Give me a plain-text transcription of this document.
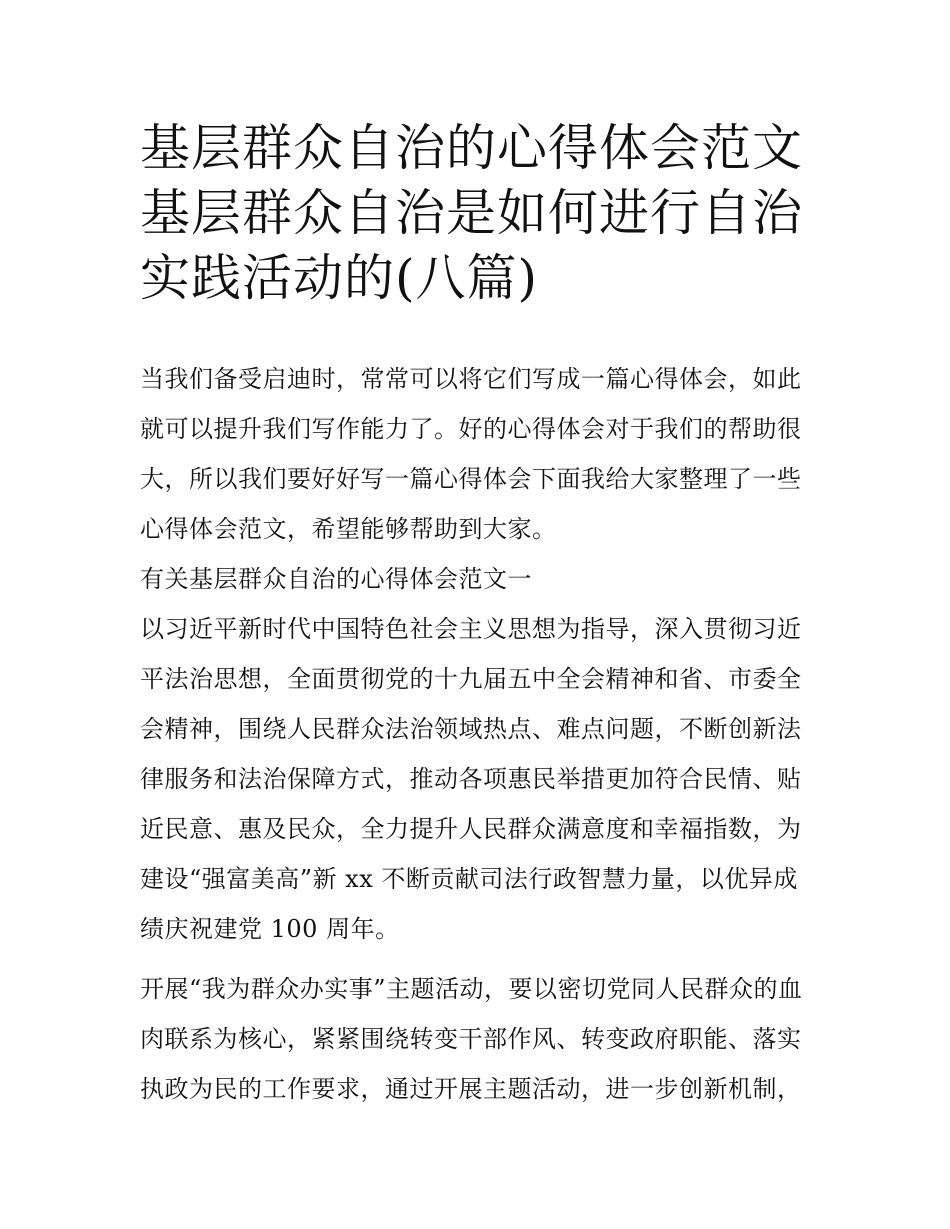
基层群众自治的心得体会范文
基层群众自治是如何进行自治
实践活动的(八篇)

当我们备受启迪时，常常可以将它们写成一篇心得体会，如此
就可以提升我们写作能力了。好的心得体会对于我们的帮助很
大，所以我们要好好写一篇心得体会下面我给大家整理了一些
心得体会范文，希望能够帮助到大家。

有关基层群众自治的心得体会范文一

以习近平新时代中国特色社会主义思想为指导，深入贯彻习近
平法治思想，全面贯彻党的十九届五中全会精神和省、市委全
会精神，围绕人民群众法治领域热点、难点问题，不断创新法
律服务和法治保障方式，推动各项惠民举措更加符合民情、贴
近民意、惠及民众，全力提升人民群众满意度和幸福指数，为
建设“强富美高”新 xx 不断贡献司法行政智慧力量，以优异成
绩庆祝建党 100 周年。

开展“我为群众办实事”主题活动，要以密切党同人民群众的血
肉联系为核心，紧紧围绕转变干部作风、转变政府职能、落实
执政为民的工作要求，通过开展主题活动，进一步创新机制，
